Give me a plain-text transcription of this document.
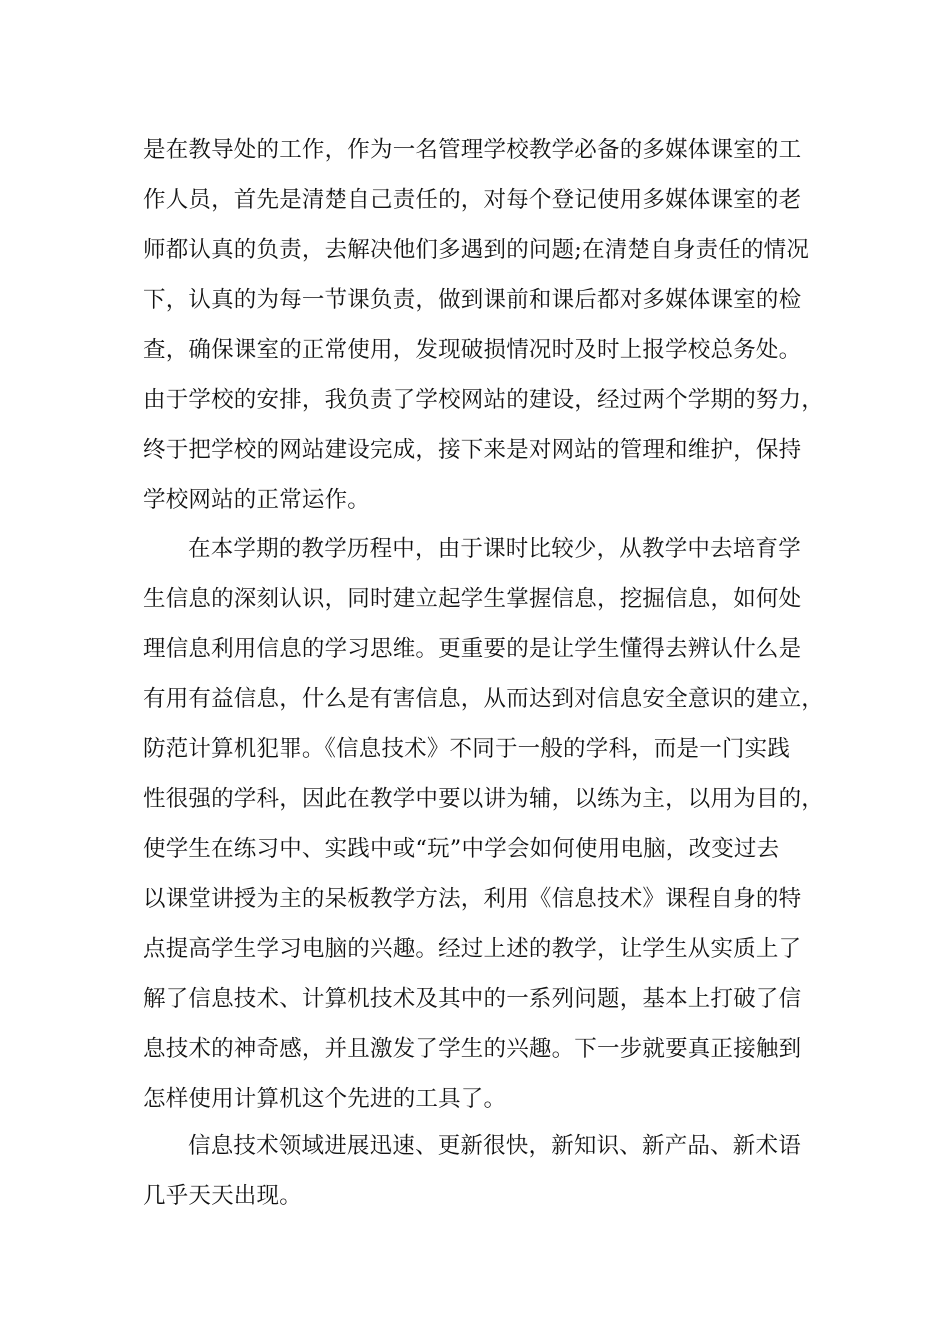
是在教导处的工作，作为一名管理学校教学必备的多媒体课室的工
作人员，首先是清楚自己责任的，对每个登记使用多媒体课室的老
师都认真的负责，去解决他们多遇到的问题;在清楚自身责任的情况
下，认真的为每一节课负责，做到课前和课后都对多媒体课室的检
查，确保课室的正常使用，发现破损情况时及时上报学校总务处。
由于学校的安排，我负责了学校网站的建设，经过两个学期的努力，
终于把学校的网站建设完成，接下来是对网站的管理和维护，保持
学校网站的正常运作。
在本学期的教学历程中，由于课时比较少，从教学中去培育学
生信息的深刻认识，同时建立起学生掌握信息，挖掘信息，如何处
理信息利用信息的学习思维。更重要的是让学生懂得去辨认什么是
有用有益信息，什么是有害信息，从而达到对信息安全意识的建立，
防范计算机犯罪。《信息技术》不同于一般的学科，而是一门实践
性很强的学科，因此在教学中要以讲为辅，以练为主，以用为目的，
使学生在练习中、实践中或“玩”中学会如何使用电脑，改变过去
以课堂讲授为主的呆板教学方法，利用《信息技术》课程自身的特
点提高学生学习电脑的兴趣。经过上述的教学，让学生从实质上了
解了信息技术、计算机技术及其中的一系列问题，基本上打破了信
息技术的神奇感，并且激发了学生的兴趣。下一步就要真正接触到
怎样使用计算机这个先进的工具了。
信息技术领域进展迅速、更新很快，新知识、新产品、新术语
几乎天天出现。
